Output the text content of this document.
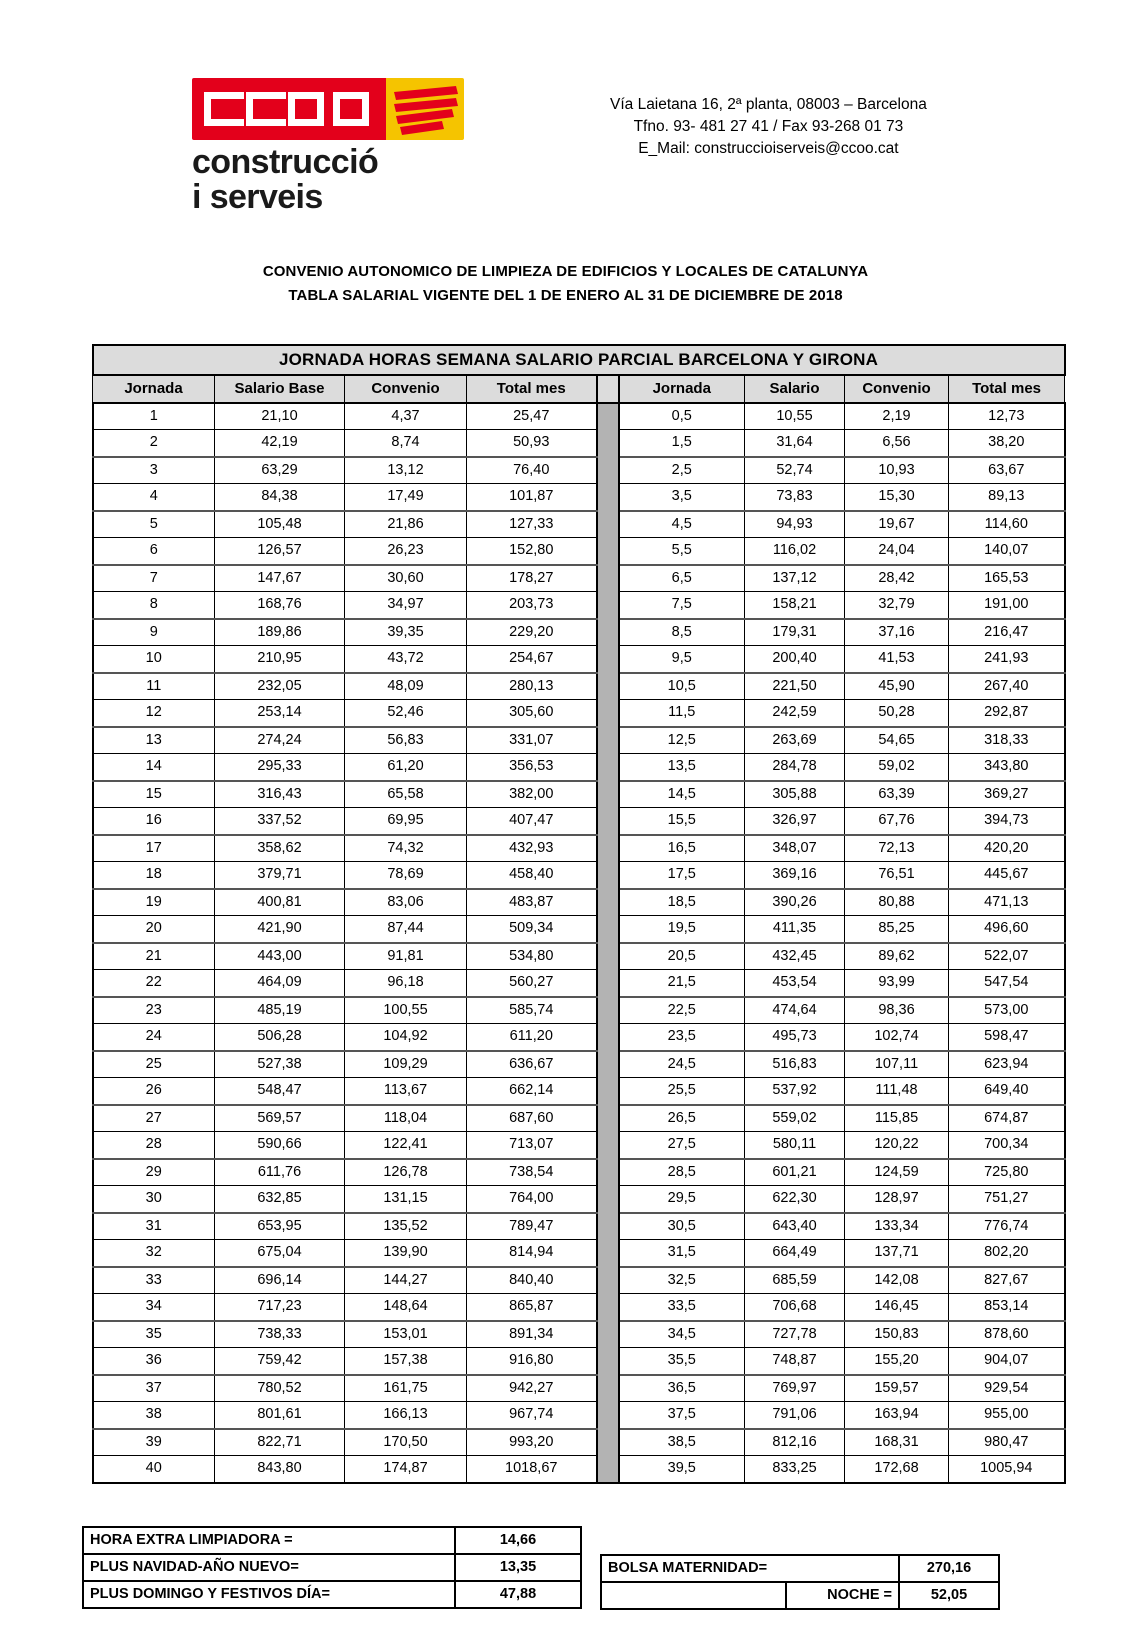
construcció
i serveis
Vía Laietana 16, 2ª planta, 08003 – Barcelona
Tfno. 93- 481 27 41 / Fax 93-268 01 73
E_Mail: construccioiserveis@ccoo.cat
CONVENIO AUTONOMICO DE LIMPIEZA DE EDIFICIOS Y LOCALES DE CATALUNYA
TABLA SALARIAL VIGENTE DEL 1 DE ENERO AL 31 DE DICIEMBRE DE 2018
JORNADA HORAS SEMANA SALARIO PARCIAL BARCELONA Y GIRONA								
Jornada	Salario Base	Convenio	Total mes		Jornada	Salario	Convenio	Total mes
1	21,10	4,37	25,47		0,5	10,55	2,19	12,73
2	42,19	8,74	50,93		1,5	31,64	6,56	38,20
3	63,29	13,12	76,40		2,5	52,74	10,93	63,67
4	84,38	17,49	101,87		3,5	73,83	15,30	89,13
5	105,48	21,86	127,33		4,5	94,93	19,67	114,60
6	126,57	26,23	152,80		5,5	116,02	24,04	140,07
7	147,67	30,60	178,27		6,5	137,12	28,42	165,53
8	168,76	34,97	203,73		7,5	158,21	32,79	191,00
9	189,86	39,35	229,20		8,5	179,31	37,16	216,47
10	210,95	43,72	254,67		9,5	200,40	41,53	241,93
11	232,05	48,09	280,13		10,5	221,50	45,90	267,40
12	253,14	52,46	305,60		11,5	242,59	50,28	292,87
13	274,24	56,83	331,07		12,5	263,69	54,65	318,33
14	295,33	61,20	356,53		13,5	284,78	59,02	343,80
15	316,43	65,58	382,00		14,5	305,88	63,39	369,27
16	337,52	69,95	407,47		15,5	326,97	67,76	394,73
17	358,62	74,32	432,93		16,5	348,07	72,13	420,20
18	379,71	78,69	458,40		17,5	369,16	76,51	445,67
19	400,81	83,06	483,87		18,5	390,26	80,88	471,13
20	421,90	87,44	509,34		19,5	411,35	85,25	496,60
21	443,00	91,81	534,80		20,5	432,45	89,62	522,07
22	464,09	96,18	560,27		21,5	453,54	93,99	547,54
23	485,19	100,55	585,74		22,5	474,64	98,36	573,00
24	506,28	104,92	611,20		23,5	495,73	102,74	598,47
25	527,38	109,29	636,67		24,5	516,83	107,11	623,94
26	548,47	113,67	662,14		25,5	537,92	111,48	649,40
27	569,57	118,04	687,60		26,5	559,02	115,85	674,87
28	590,66	122,41	713,07		27,5	580,11	120,22	700,34
29	611,76	126,78	738,54		28,5	601,21	124,59	725,80
30	632,85	131,15	764,00		29,5	622,30	128,97	751,27
31	653,95	135,52	789,47		30,5	643,40	133,34	776,74
32	675,04	139,90	814,94		31,5	664,49	137,71	802,20
33	696,14	144,27	840,40		32,5	685,59	142,08	827,67
34	717,23	148,64	865,87		33,5	706,68	146,45	853,14
35	738,33	153,01	891,34		34,5	727,78	150,83	878,60
36	759,42	157,38	916,80		35,5	748,87	155,20	904,07
37	780,52	161,75	942,27		36,5	769,97	159,57	929,54
38	801,61	166,13	967,74		37,5	791,06	163,94	955,00
39	822,71	170,50	993,20		38,5	812,16	168,31	980,47
40	843,80	174,87	1018,67		39,5	833,25	172,68	1005,94
HORA EXTRA LIMPIADORA =	14,66
PLUS NAVIDAD-AÑO NUEVO=	13,35
PLUS DOMINGO Y FESTIVOS DÍA=	47,88
BOLSA MATERNIDAD=		270,16
	NOCHE =	52,05
